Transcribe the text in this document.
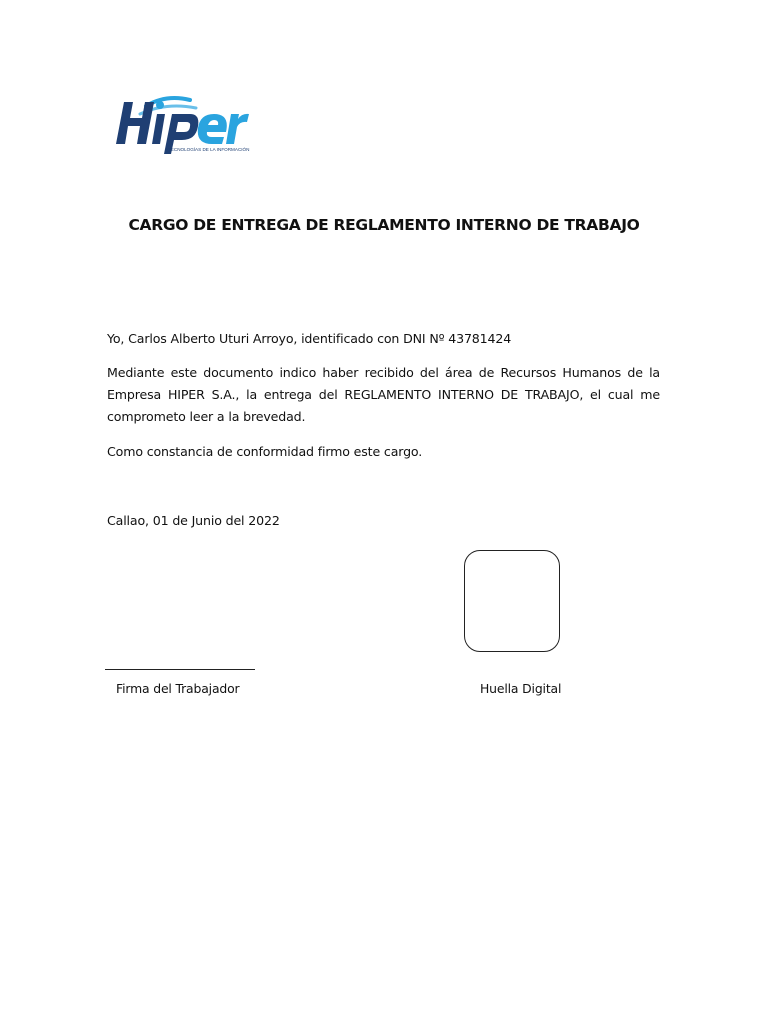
TECNOLOGÍAS DE LA INFORMACIÓN
CARGO DE ENTREGA DE REGLAMENTO INTERNO DE TRABAJO

Yo, Carlos Alberto Uturi Arroyo, identificado con DNI Nº 43781424

Mediante este documento indico haber recibido del área de Recursos Humanos de la Empresa HIPER S.A., la entrega del REGLAMENTO INTERNO DE TRABAJO, el cual me comprometo leer a la brevedad.

Como constancia de conformidad firmo este cargo.

Callao, 01 de Junio del 2022

Firma del Trabajador	Huella Digital
